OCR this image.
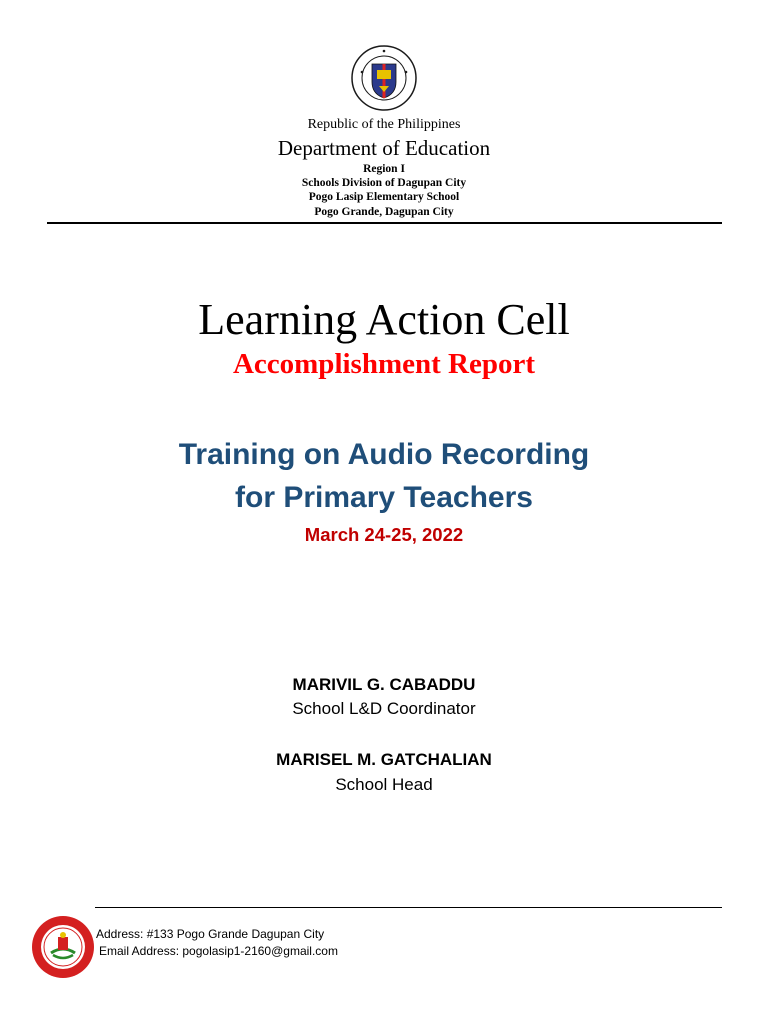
Republic of the Philippines
Department of Education
Region I
Schools Division of Dagupan City
Pogo Lasip Elementary School
Pogo Grande, Dagupan City
Learning Action Cell
Accomplishment Report
Training on Audio Recording
for Primary Teachers
March 24-25, 2022
MARIVIL G. CABADDU
School L&D Coordinator
MARISEL M. GATCHALIAN
School Head
Address: #133 Pogo Grande Dagupan City
Email Address: pogolasip1-2160@gmail.com
